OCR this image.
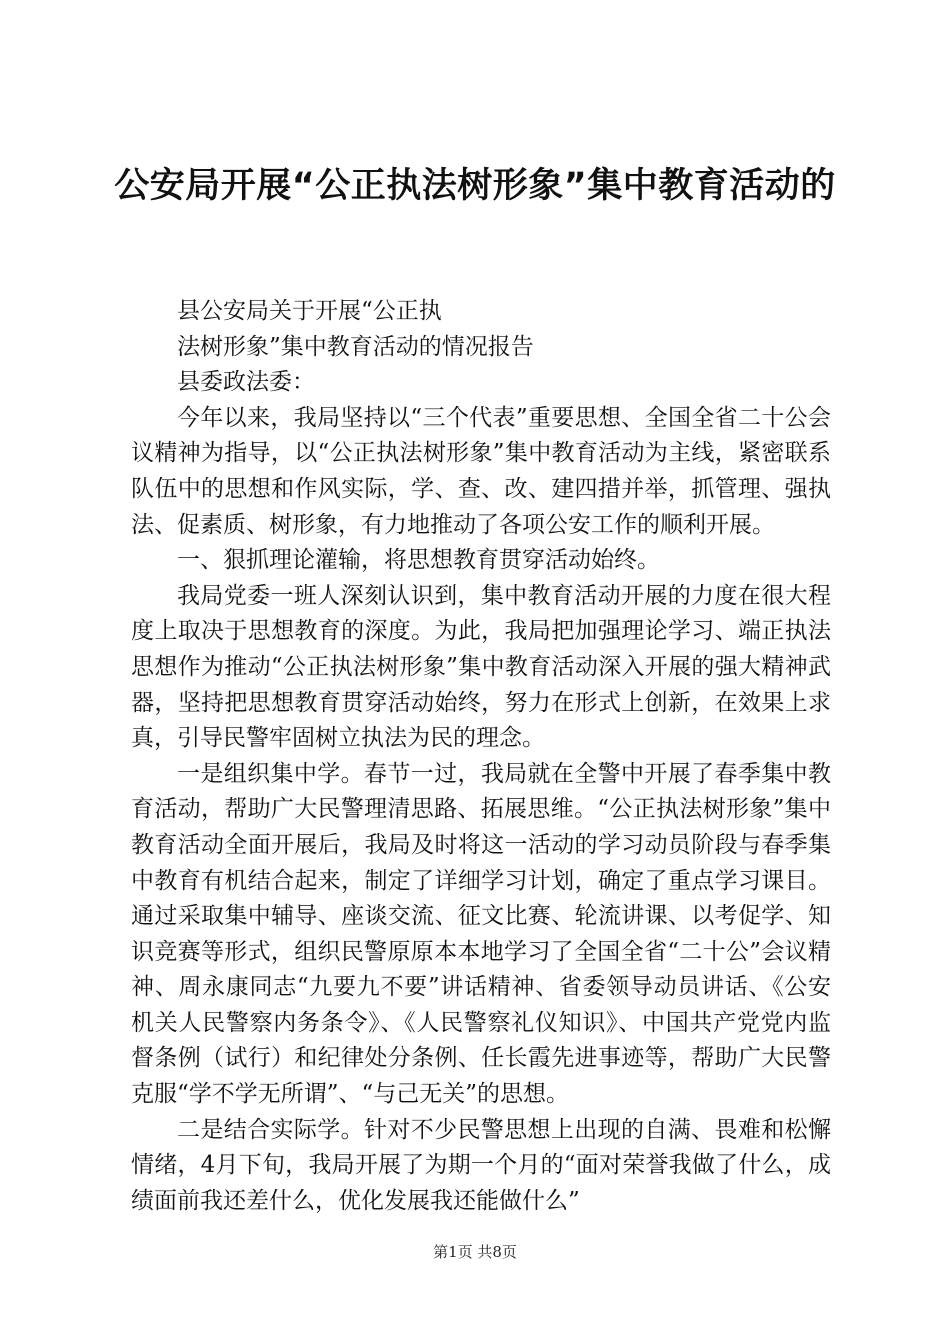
公安局开展“公正执法树形象”集中教育活动的

县公安局关于开展“公正执

法树形象”集中教育活动的情况报告

县委政法委：

今年以来，我局坚持以“三个代表”重要思想、全国全省二十公会议精神为指导，以“公正执法树形象”集中教育活动为主线，紧密联系队伍中的思想和作风实际，学、查、改、建四措并举，抓管理、强执法、促素质、树形象，有力地推动了各项公安工作的顺利开展。

一、狠抓理论灌输，将思想教育贯穿活动始终。

我局党委一班人深刻认识到，集中教育活动开展的力度在很大程度上取决于思想教育的深度。为此，我局把加强理论学习、端正执法思想作为推动“公正执法树形象”集中教育活动深入开展的强大精神武器，坚持把思想教育贯穿活动始终，努力在形式上创新，在效果上求真，引导民警牢固树立执法为民的理念。

一是组织集中学。春节一过，我局就在全警中开展了春季集中教育活动，帮助广大民警理清思路、拓展思维。“公正执法树形象”集中教育活动全面开展后，我局及时将这一活动的学习动员阶段与春季集中教育有机结合起来，制定了详细学习计划，确定了重点学习课目。通过采取集中辅导、座谈交流、征文比赛、轮流讲课、以考促学、知识竞赛等形式，组织民警原原本本地学习了全国全省“二十公”会议精神、周永康同志“九要九不要”讲话精神、省委领导动员讲话、《公安机关人民警察内务条令》、《人民警察礼仪知识》、中国共产党党内监督条例（试行）和纪律处分条例、任长霞先进事迹等，帮助广大民警克服“学不学无所谓”、“与己无关”的思想。

二是结合实际学。针对不少民警思想上出现的自满、畏难和松懈情绪，4月下旬，我局开展了为期一个月的“面对荣誉我做了什么，成绩面前我还差什么，优化发展我还能做什么”

第1页 共8页
